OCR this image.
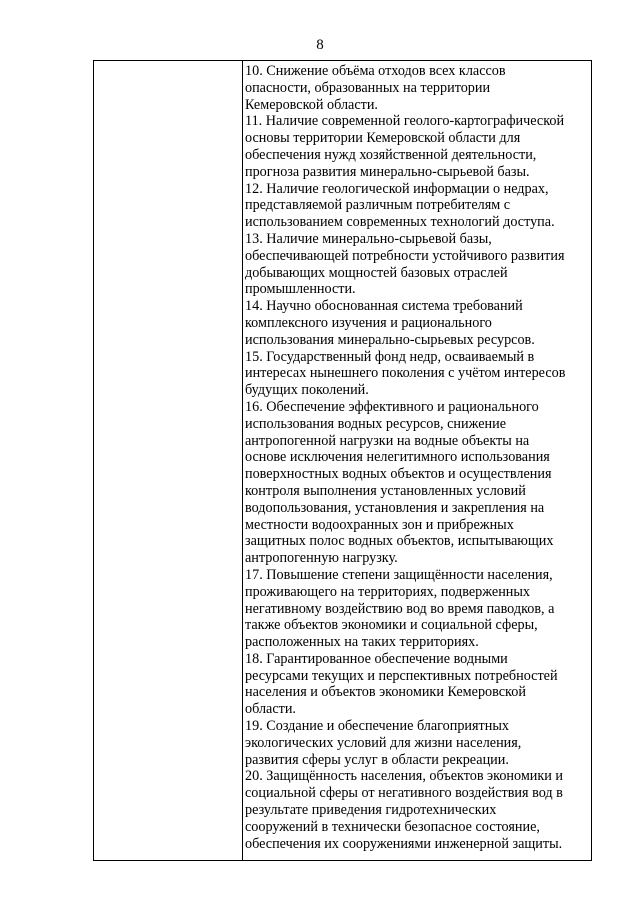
8
10. Снижение объёма отходов всех классов
опасности, образованных на территории
Кемеровской области.
11. Наличие современной геолого-картографической
основы территории Кемеровской области для
обеспечения нужд хозяйственной деятельности,
прогноза развития минерально-сырьевой базы.
12. Наличие геологической информации о недрах,
представляемой различным потребителям с
использованием современных технологий доступа.
13. Наличие минерально-сырьевой базы,
обеспечивающей потребности устойчивого развития
добывающих мощностей базовых отраслей
промышленности.
14. Научно обоснованная система требований
комплексного изучения и рационального
использования минерально-сырьевых ресурсов.
15. Государственный фонд недр, осваиваемый в
интересах нынешнего поколения с учётом интересов
будущих поколений.
16. Обеспечение эффективного и рационального
использования водных ресурсов, снижение
антропогенной нагрузки на водные объекты на
основе исключения нелегитимного использования
поверхностных водных объектов и осуществления
контроля выполнения установленных условий
водопользования, установления и закрепления на
местности водоохранных зон и прибрежных
защитных полос водных объектов, испытывающих
антропогенную нагрузку.
17. Повышение степени защищённости населения,
проживающего на территориях, подверженных
негативному воздействию вод во время паводков, а
также объектов экономики и социальной сферы,
расположенных на таких территориях.
18. Гарантированное обеспечение водными
ресурсами текущих и перспективных потребностей
населения и объектов экономики Кемеровской
области.
19. Создание и обеспечение благоприятных
экологических условий для жизни населения,
развития сферы услуг в области рекреации.
20. Защищённость населения, объектов экономики и
социальной сферы от негативного воздействия вод в
результате приведения гидротехнических
сооружений в технически безопасное состояние,
обеспечения их сооружениями инженерной защиты.
